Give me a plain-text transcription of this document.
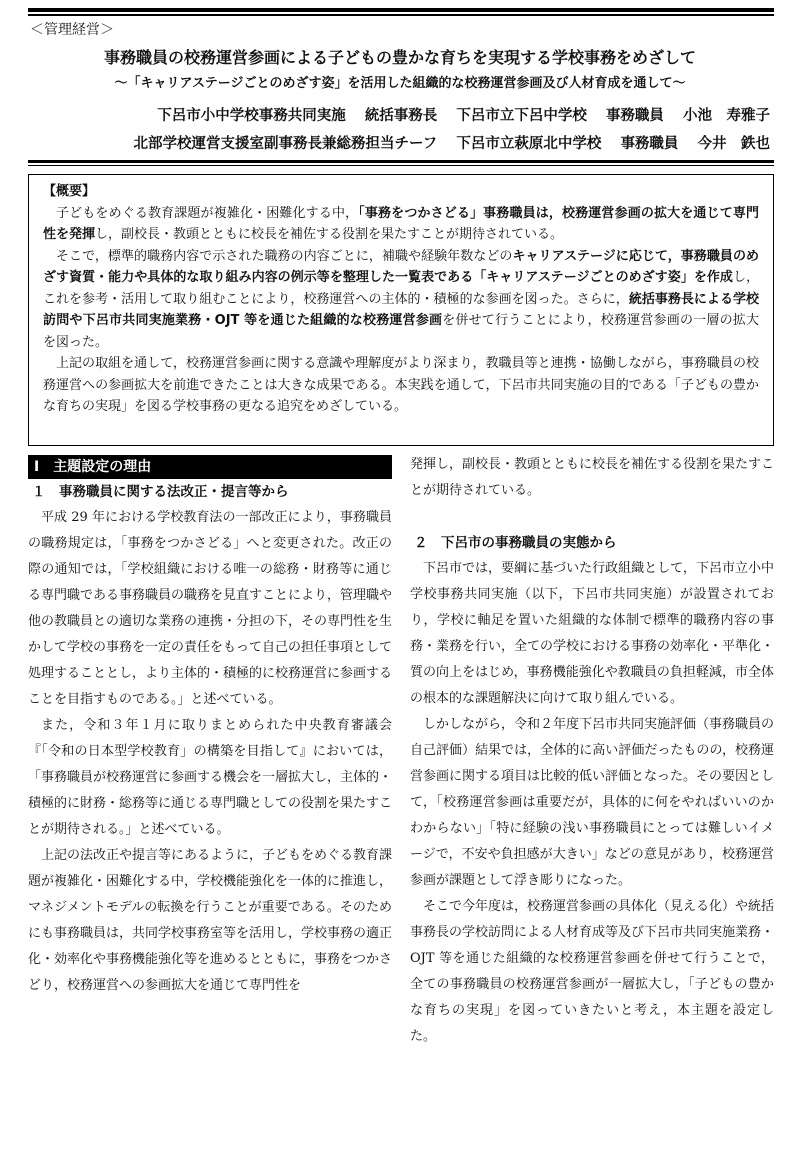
＜管理経営＞
事務職員の校務運営参画による子どもの豊かな育ちを実現する学校事務をめざして
～「キャリアステージごとのめざす姿」を活用した組織的な校務運営参画及び人材育成を通して～
下呂市小中学校事務共同実施 統括事務長 下呂市立下呂中学校 事務職員 小池　寿雅子
北部学校運営支援室副事務長兼総務担当チーフ 下呂市立萩原北中学校 事務職員 今井　鉄也
【概要】

子どもをめぐる教育課題が複雑化・困難化する中，「事務をつかさどる」事務職員は，校務運営参画の拡大を通じて専門性を発揮し，副校長・教頭とともに校長を補佐する役割を果たすことが期待されている。

そこで，標準的職務内容で示された職務の内容ごとに，補職や経験年数などのキャリアステージに応じて，事務職員のめざす資質・能力や具体的な取り組み内容の例示等を整理した一覧表である「キャリアステージごとのめざす姿」を作成し，これを参考・活用して取り組むことにより，校務運営への主体的・積極的な参画を図った。さらに，統括事務長による学校訪問や下呂市共同実施業務・OJT 等を通じた組織的な校務運営参画を併せて行うことにより，校務運営参画の一層の拡大を図った。

上記の取組を通して，校務運営参画に関する意識や理解度がより深まり，教職員等と連携・協働しながら，事務職員の校務運営への参画拡大を前進できたことは大きな成果である。本実践を通して，下呂市共同実施の目的である「子どもの豊かな育ちの実現」を図る学校事務の更なる追究をめざしている。

Ⅰ　主題設定の理由
１　事務職員に関する法改正・提言等から

平成 29 年における学校教育法の一部改正により，事務職員の職務規定は，「事務をつかさどる」へと変更された。改正の際の通知では，「学校組織における唯一の総務・財務等に通じる専門職である事務職員の職務を見直すことにより，管理職や他の教職員との適切な業務の連携・分担の下，その専門性を生かして学校の事務を一定の責任をもって自己の担任事項として処理することとし，より主体的・積極的に校務運営に参画することを目指すものである。」と述べている。

また，令和３年１月に取りまとめられた中央教育審議会『「令和の日本型学校教育」の構築を目指して』においては，「事務職員が校務運営に参画する機会を一層拡大し，主体的・積極的に財務・総務等に通じる専門職としての役割を果たすことが期待される。」と述べている。

上記の法改正や提言等にあるように，子どもをめぐる教育課題が複雑化・困難化する中，学校機能強化を一体的に推進し，マネジメントモデルの転換を行うことが重要である。そのためにも事務職員は，共同学校事務室等を活用し，学校事務の適正化・効率化や事務機能強化等を進めるとともに，事務をつかさどり，校務運営への参画拡大を通じて専門性を

発揮し，副校長・教頭とともに校長を補佐する役割を果たすことが期待されている。

２　下呂市の事務職員の実態から

下呂市では，要綱に基づいた行政組織として，下呂市立小中学校事務共同実施（以下，下呂市共同実施）が設置されており，学校に軸足を置いた組織的な体制で標準的職務内容の事務・業務を行い，全ての学校における事務の効率化・平準化・質の向上をはじめ，事務機能強化や教職員の負担軽減，市全体の根本的な課題解決に向けて取り組んでいる。

しかしながら，令和２年度下呂市共同実施評価（事務職員の自己評価）結果では，全体的に高い評価だったものの，校務運営参画に関する項目は比較的低い評価となった。その要因として，「校務運営参画は重要だが，具体的に何をやればいいのかわからない」「特に経験の浅い事務職員にとっては難しいイメージで，不安や負担感が大きい」などの意見があり，校務運営参画が課題として浮き彫りになった。

そこで今年度は，校務運営参画の具体化（見える化）や統括事務長の学校訪問による人材育成等及び下呂市共同実施業務・OJT 等を通じた組織的な校務運営参画を併せて行うことで，全ての事務職員の校務運営参画が一層拡大し，「子どもの豊かな育ちの実現」を図っていきたいと考え，本主題を設定した。
